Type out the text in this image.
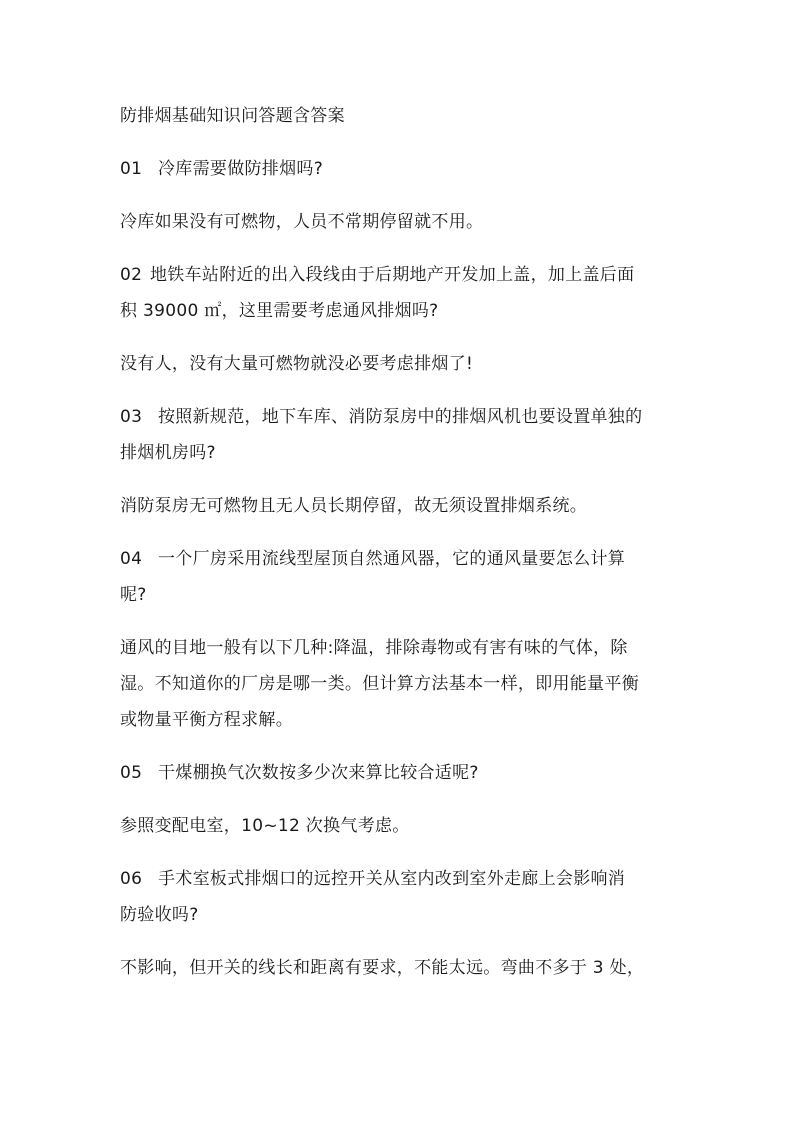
防排烟基础知识问答题含答案
01 冷库需要做防排烟吗?
冷库如果没有可燃物，人员不常期停留就不用。
02 地铁车站附近的出入段线由于后期地产开发加上盖，加上盖后面
积 39000 ㎡，这里需要考虑通风排烟吗?
没有人，没有大量可燃物就没必要考虑排烟了!
03 按照新规范，地下车库、消防泵房中的排烟风机也要设置单独的
排烟机房吗?
消防泵房无可燃物且无人员长期停留，故无须设置排烟系统。
04 一个厂房采用流线型屋顶自然通风器，它的通风量要怎么计算
呢?
通风的目地一般有以下几种:降温，排除毒物或有害有味的气体，除
湿。不知道你的厂房是哪一类。但计算方法基本一样，即用能量平衡
或物量平衡方程求解。
05 干煤棚换气次数按多少次来算比较合适呢?
参照变配电室，10~12 次换气考虑。
06 手术室板式排烟口的远控开关从室内改到室外走廊上会影响消
防验收吗?
不影响，但开关的线长和距离有要求，不能太远。弯曲不多于 3 处，
